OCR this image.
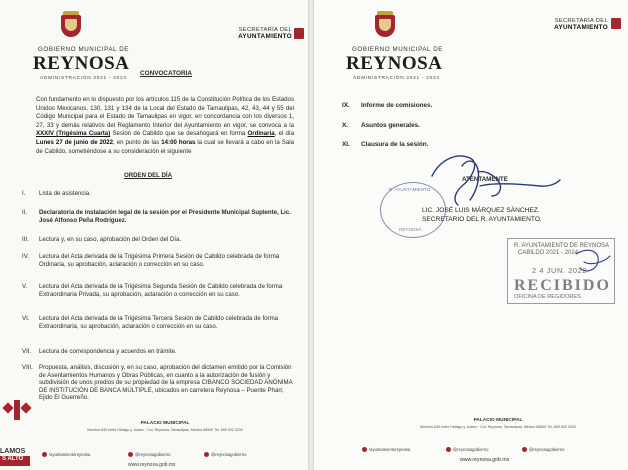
GOBIERNO MUNICIPAL DE
REYNOSA
ADMINISTRACIÓN 2021 - 2024
SECRETARÍA DEL
AYUNTAMIENTO
CONVOCATORIA
Con fundamento en lo dispuesto por los artículos 115 de la Constitución Política de los Estados Unidos Mexicanos, 130, 131 y 134 de la Local del Estado de Tamaulipas, 42, 43, 44 y 55 del Código Municipal para el Estado de Tamaulipas en vigor, en concordancia con los diversos 1, 27, 33 y demás relativos del Reglamento Interior del Ayuntamiento en vigor, se convoca a la XXXIV (Trigésima Cuarta) Sesión de Cabildo que se desahogará en forma Ordinaria, el día Lunes 27 de junio de 2022, en punto de las 14:00 horas la cual se llevará a cabo en la Sala de Cabildo, sometiéndose a su consideración el siguiente
ORDEN DEL DÍA
I.	Lista de asistencia.
II.	Declaratoria de instalación legal de la sesión por el Presidente Municipal Suplente, Lic. José Alfonso Peña Rodríguez.
III.	Lectura y, en su caso, aprobación del Orden del Día.
IV.	Lectura del Acta derivada de la Trigésima Primera Sesión de Cabildo celebrada de forma Ordinaria, su aprobación, aclaración o corrección en su caso.
V.	Lectura del Acta derivada de la Trigésima Segunda Sesión de Cabildo celebrada de forma Extraordinaria Privada, su aprobación, aclaración o corrección en su caso.
VI.	Lectura del Acta derivada de la Trigésima Tercera Sesión de Cabildo celebrada de forma Extraordinaria, su aprobación, aclaración o corrección en su caso.
VII.	Lectura de correspondencia y acuerdos en trámite.
VIII.	Propuesta, análisis, discusión y, en su caso, aprobación del dictamen emitido por la Comisión de Asentamientos Humanos y Obras Públicas, en cuanto a la autorización de fusión y subdivisión de unos predios de su propiedad de la empresa CIBANCO SOCIEDAD ANÓNIMA DE INSTITUCIÓN DE BANCA MÚLTIPLE, ubicados en carretera Reynosa – Puente Pharr, Ejido El Guerreño.
PALACIO MUNICIPAL
Morelos 645 entre Hidalgo y Juárez · Col. Reynosa, Tamaulipas, México 88500 Tel. 899 932 3200
/ayuntamientoreynosa	@reynosagobierno	@reynosagobierno
www.reynosa.gob.mx
LAMOS
S ALTO
GOBIERNO MUNICIPAL DE
REYNOSA
ADMINISTRACIÓN 2021 - 2024
SECRETARÍA DEL
AYUNTAMIENTO
IX.	Informe de comisiones.
X.	Asuntos generales.
XI.	Clausura de la sesión.
R. AYUNTAMIENTO
REYNOSA
ATENTAMENTE
LIC. JOSÉ LUIS MÁRQUEZ SÁNCHEZ.
SECRETARIO DEL R. AYUNTAMIENTO.
R. AYUNTAMIENTO DE REYNOSA
CABILDO 2021 - 2024
2 4 JUN. 2022
RECIBIDO
OFICINA DE REGIDORES
PALACIO MUNICIPAL
Morelos 645 entre Hidalgo y Juárez · Col. Reynosa, Tamaulipas, México 88500 Tel. 899 932 3200
/ayuntamientoreynosa	@reynosagobierno	@reynosagobierno
www.reynosa.gob.mx
